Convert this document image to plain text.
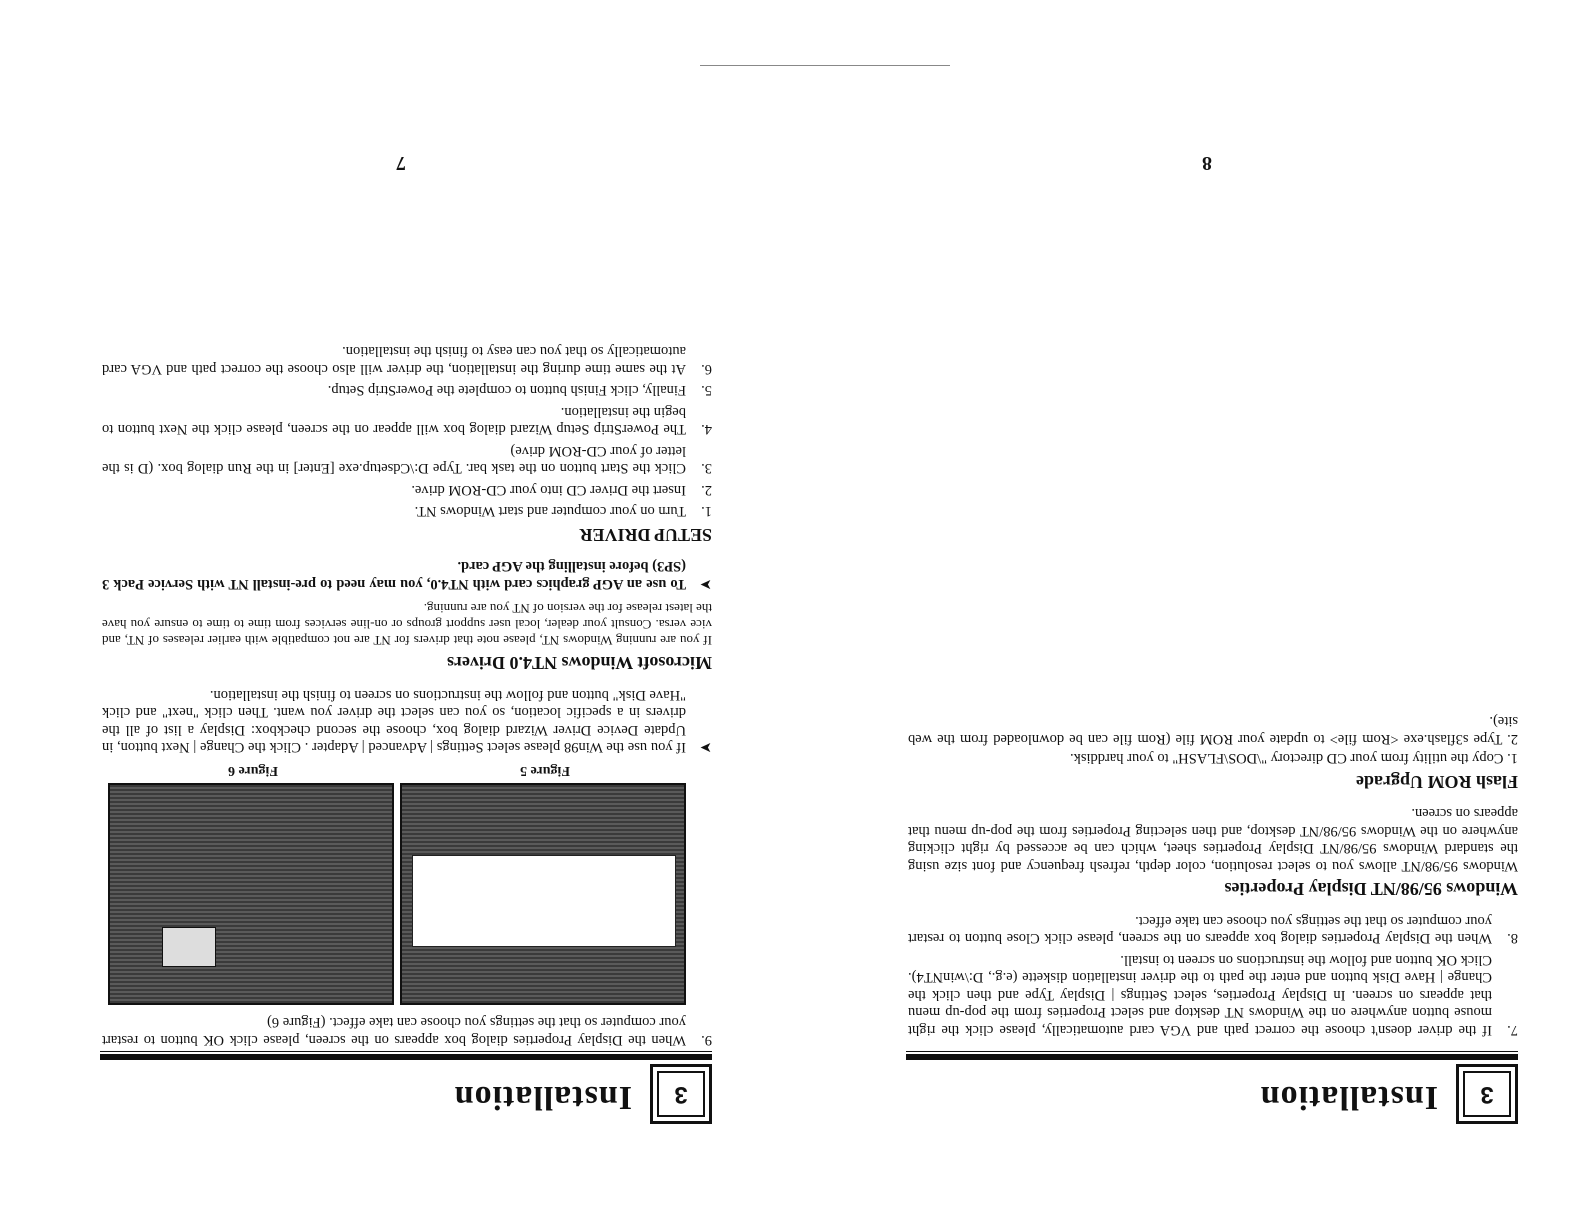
3
Installation
7.
If the driver doesn't choose the correct path and VGA card automatically, please click the right mouse button anywhere on the Windows NT desktop and select Properties from the pop-up menu that appears on screen. In Display Properties, select Settings | Display Type and then click the Change | Have Disk button and enter the path to the driver installation diskette (e.g., D:\winNT4). Click OK button and follow the instructions on screen to install.
8.
When the Display Properties dialog box appears on the screen, please click Close button to restart your computer so that the settings you choose can take effect.
Windows 95/98/NT Display Properties

Windows 95/98/NT allows you to select resolution, color depth, refresh frequency and font size using the standard Windows 95/98/NT Display Properties sheet, which can be accessed by right clicking anywhere on the Windows 95/98/NT desktop, and then selecting Properties from the pop-up menu that appears on screen.

Flash ROM Upgrade

1. Copy the utility from your CD directory "\DOS\FLASH" to your harddisk.

2. Type s3flash.exe <Rom file> to update your ROM file (Rom file can be downloaded from the web site).

8
3
Installation
9.
When the Display Properties dialog box appears on the screen, please click OK button to restart your computer so that the settings you choose can take effect. (Figure 6)
Figure 5
Figure 6
➤
If you use the Win98 please select Settings | Advanced | Adapter . Click the Change | Next button, in Update Device Driver Wizard dialog box, choose the second checkbox: Display a list of all the drivers in a specific location, so you can select the driver you want. Then click "next" and click "Have Disk" button and follow the instructions on screen to finish the installation.
Microsoft Windows NT4.0 Drivers

If you are running Windows NT, please note that drivers for NT are not compatible with earlier releases of NT, and vice versa. Consult your dealer, local user support groups or on-line services from time to time to ensure you have the latest release for the version of NT you are running.

➤
To use an AGP graphics card with NT4.0, you may need to pre-install NT with Service Pack 3 (SP3) before installing the AGP card.
SETUP DRIVER
1.
Turn on your computer and start Windows NT.
2.
Insert the Driver CD into your CD-ROM drive.
3.
Click the Start button on the task bar. Type D:\Cdsetup.exe [Enter] in the Run dialog box. (D is the letter of your CD-ROM drive)
4.
The PowerStrip Setup Wizard dialog box will appear on the screen, please click the Next button to begin the installation.
5.
Finally, click Finish button to complete the PowerStrip Setup.
6.
At the same time during the installation, the driver will also choose the correct path and VGA card automatically so that you can easy to finish the installation.
7
